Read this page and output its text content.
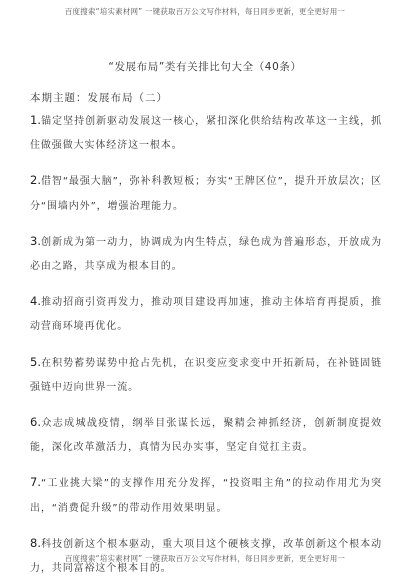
百度搜索“培实素材网” 一键获取百万公文写作材料，每日同步更新，更全更好用一
“发展布局”类有关排比句大全（40条）
本期主题：发展布局（二）

1.锚定坚持创新驱动发展这一核心，紧扣深化供给结构改革这一主线，抓住做强做大实体经济这一根本。

2.借智“最强大脑”，弥补科教短板；夯实“王牌区位”，提升开放层次；区分“围墙内外”，增强治理能力。

3.创新成为第一动力，协调成为内生特点，绿色成为普遍形态，开放成为必由之路，共享成为根本目的。

4.推动招商引资再发力，推动项目建设再加速，推动主体培育再提质，推动营商环境再优化。

5.在积势蓄势谋势中抢占先机，在识变应变求变中开拓新局，在补链固链强链中迈向世界一流。

6.众志成城战疫情，纲举目张谋长远，聚精会神抓经济，创新制度提效能，深化改革激活力，真情为民办实事，坚定自觉扛主责。

7.“工业挑大梁”的支撑作用充分发挥，“投资唱主角”的拉动作用尤为突出，“消费促升级”的带动作用效果明显。

8.科技创新这个根本驱动，重大项目这个硬核支撑，改革创新这个根本动力，共同富裕这个根本目的。

百度搜索“培实素材网” 一键获取百万公文写作材料，每日同步更新，更全更好用一
